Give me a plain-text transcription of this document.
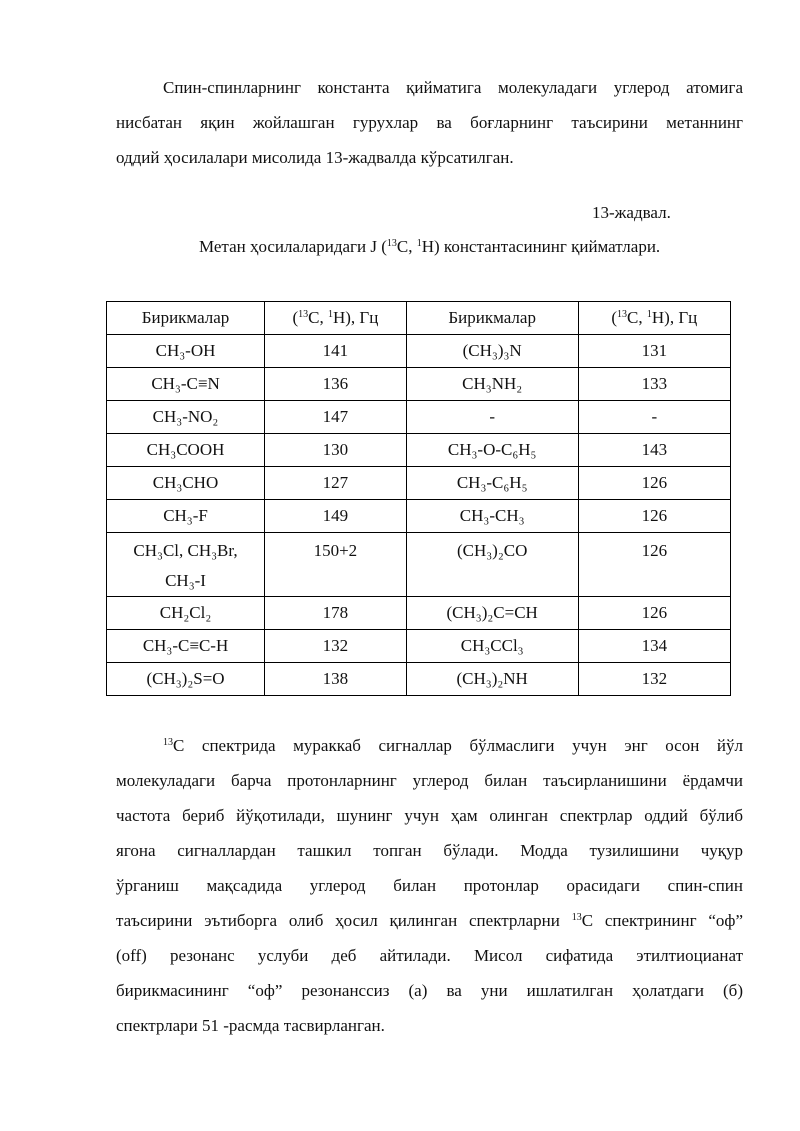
Спин-спинларнинг константа қийматига молекуладаги углерод атомига
нисбатан яқин жойлашган гурухлар ва боғларнинг таъсирини метаннинг
оддий ҳосилалари мисолида 13-жадвалда кўрсатилган.
13-жадвал.
Метан ҳосилаларидаги J ($^{13}$С, $^1$Н) константасининг қийматлари.
Бирикмалар	($^{13}$С, $^1$Н), Гц	Бирикмалар	($^{13}$С, $^1$Н), Гц
CH₃-OH	141	(CH₃)₃N	131
CH₃-C≡N	136	CH₃NH₂	133
CH₃-NO₂	147	-	-
CH₃COOH	130	CH₃-O-C₆H₅	143
CH₃CHO	127	CH₃-C₆H₅	126
CH₃-F	149	CH₃-CH₃	126
CH₃Cl, CH₃Br,
CH₃-I	150+2	(CH₃)₂CO	126
CH₂Cl₂	178	(CH₃)₂C=CH	126
CH₃-C≡C-H	132	CH₃CCl₃	134
(CH₃)₂S=O	138	(CH₃)₂NH	132
$^{13}$С спектрида мураккаб сигналлар бўлмаслиги учун энг осон йўл
молекуладаги барча протонларнинг углерод билан таъсирланишини ёрдамчи
частота бериб йўқотилади, шунинг учун ҳам олинган спектрлар оддий бўлиб
ягона сигналлардан ташкил топган бўлади. Модда тузилишини чуқур
ўрганиш мақсадида углерод билан протонлар орасидаги спин-спин
таъсирини эътиборга олиб ҳосил қилинган спектрларни $^{13}$С спектрининг “оф”
(off) резонанс услуби деб айтилади. Мисол сифатида этилтиоцианат
бирикмасининг “оф” резонанссиз (а) ва уни ишлатилган ҳолатдаги (б)
спектрлари 51 -расмда тасвирланган.
